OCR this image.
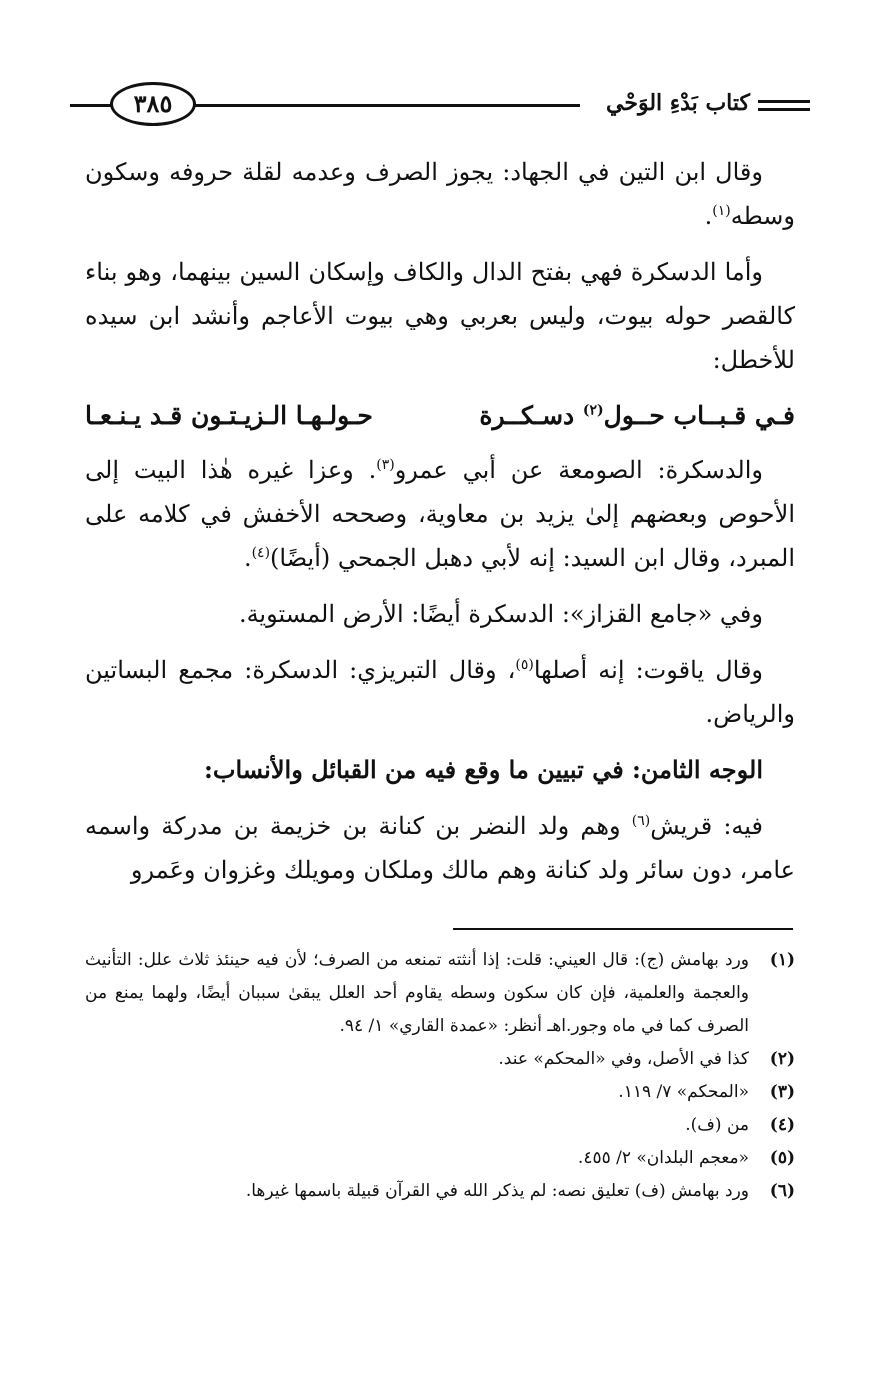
كتاب بَدْءِ الوَحْي
٣٨٥

وقال ابن التين في الجهاد: يجوز الصرف وعدمه لقلة حروفه وسكون وسطه$^{(١)}$.

وأما الدسكرة فهي بفتح الدال والكاف وإسكان السين بينهما، وهو بناء كالقصر حوله بيوت، وليس بعربي وهي بيوت الأعاجم وأنشد ابن سيده للأخطل:

فـي قـبــاب حــول$^{(٢)}$ دسـكــرة
حـولـهـا الـزيـتـون قـد يـنـعـا

والدسكرة: الصومعة عن أبي عمرو$^{(٣)}$. وعزا غيره هٰذا البيت إلى الأحوص وبعضهم إلىٰ يزيد بن معاوية، وصححه الأخفش في كلامه على المبرد، وقال ابن السيد: إنه لأبي دهبل الجمحي (أيضًا)$^{(٤)}$.

وفي «جامع القزاز»: الدسكرة أيضًا: الأرض المستوية.

وقال ياقوت: إنه أصلها$^{(٥)}$، وقال التبريزي: الدسكرة: مجمع البساتين والرياض.

الوجه الثامن: في تبيين ما وقع فيه من القبائل والأنساب:

فيه: قريش$^{(٦)}$ وهم ولد النضر بن كنانة بن خزيمة بن مدركة واسمه عامر، دون سائر ولد كنانة وهم مالك وملكان ومويلك وغزوان وعَمرو

(١)
ورد بهامش (ج): قال العيني: قلت: إذا أنثته تمنعه من الصرف؛ لأن فيه حينئذ ثلاث علل: التأنيث والعجمة والعلمية، فإن كان سكون وسطه يقاوم أحد العلل يبقىٰ سببان أيضًا، ولهما يمنع من الصرف كما في ماه وجور.اهـ أنظر: «عمدة القاري» ١/ ٩٤.
(٢)
كذا في الأصل، وفي «المحكم» عند.
(٣)
«المحكم» ٧/ ١١٩.
(٤)
من (ف).
(٥)
«معجم البلدان» ٢/ ٤٥٥.
(٦)
ورد بهامش (ف) تعليق نصه: لم يذكر الله في القرآن قبيلة باسمها غيرها.
